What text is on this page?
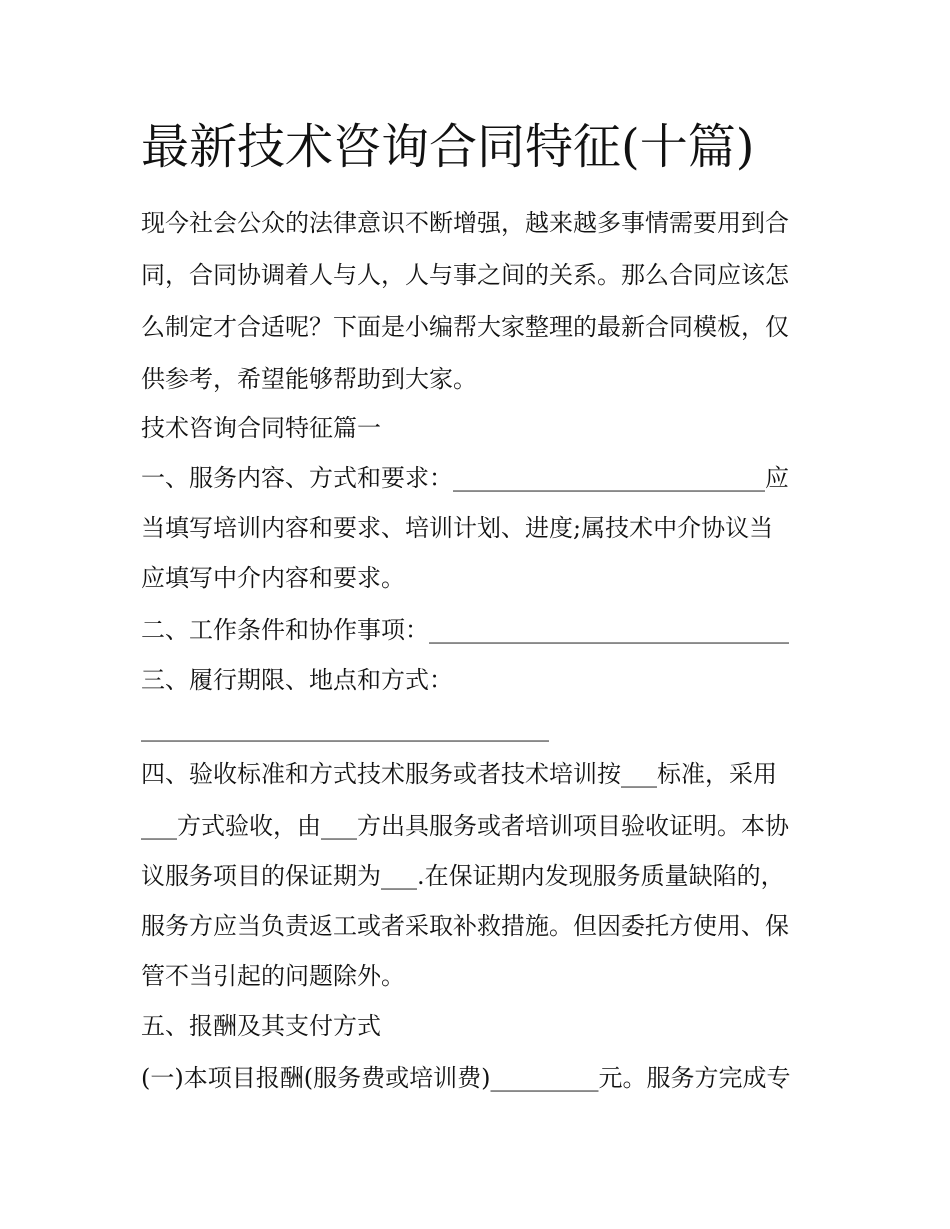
最新技术咨询合同特征(十篇)
现今社会公众的法律意识不断增强，越来越多事情需要用到合
同，合同协调着人与人，人与事之间的关系。那么合同应该怎
么制定才合适呢？下面是小编帮大家整理的最新合同模板，仅
供参考，希望能够帮助到大家。
技术咨询合同特征篇一
一、服务内容、方式和要求：__________________________应
当填写培训内容和要求、培训计划、进度;属技术中介协议当
应填写中介内容和要求。
二、工作条件和协作事项：______________________________
三、履行期限、地点和方式：
__________________________________
四、验收标准和方式技术服务或者技术培训按___标准，采用
___方式验收，由___方出具服务或者培训项目验收证明。本协
议服务项目的保证期为___.在保证期内发现服务质量缺陷的，
服务方应当负责返工或者采取补救措施。但因委托方使用、保
管不当引起的问题除外。
五、报酬及其支付方式
(一)本项目报酬(服务费或培训费)_________元。服务方完成专
